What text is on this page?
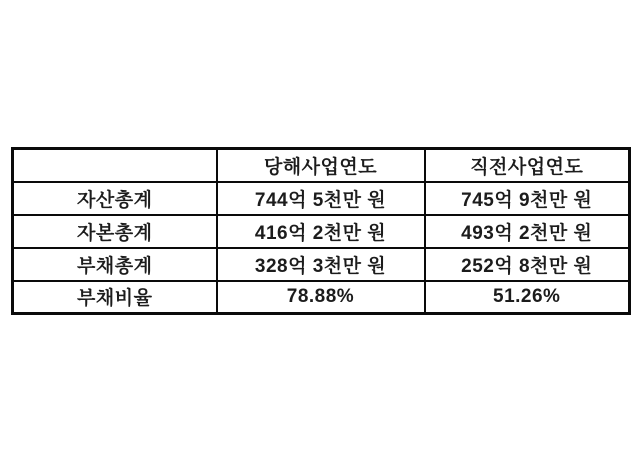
	당해사업연도	직전사업연도
자산총계	744억 5천만 원	745억 9천만 원
자본총계	416억 2천만 원	493억 2천만 원
부채총계	328억 3천만 원	252억 8천만 원
부채비율	78.88%	51.26%
